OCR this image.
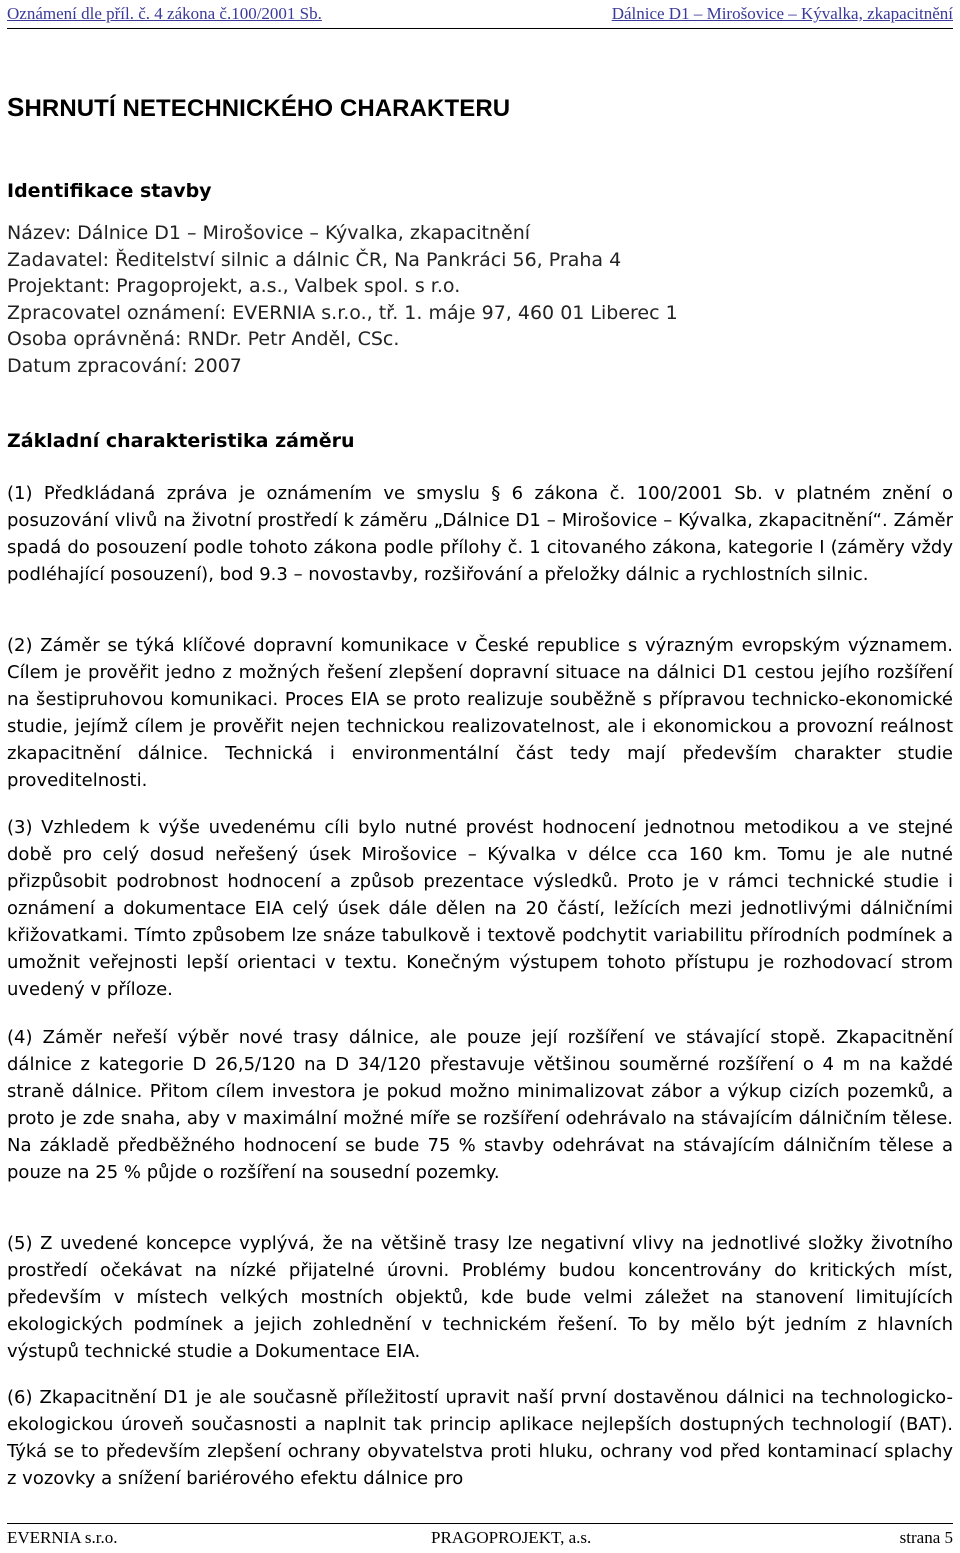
Oznámení dle příl. č. 4 zákona č.100/2001 Sb.	Dálnice D1 – Mirošovice – Kývalka, zkapacitnění
SHRNUTÍ NETECHNICKÉHO CHARAKTERU
Identifikace stavby
Název: Dálnice D1 – Mirošovice – Kývalka, zkapacitnění
Zadavatel: Ředitelství silnic a dálnic ČR, Na Pankráci 56, Praha 4
Projektant: Pragoprojekt, a.s., Valbek spol. s r.o.
Zpracovatel oznámení: EVERNIA s.r.o., tř. 1. máje 97, 460 01 Liberec 1
Osoba oprávněná: RNDr. Petr Anděl, CSc.
Datum zpracování: 2007
Základní charakteristika záměru
(1) Předkládaná zpráva je oznámením ve smyslu § 6 zákona č. 100/2001 Sb. v platném znění o posuzování vlivů na životní prostředí k záměru „Dálnice D1 – Mirošovice – Kývalka, zkapacitnění“. Záměr spadá do posouzení podle tohoto zákona podle přílohy č. 1 citovaného zákona, kategorie I (záměry vždy podléhající posouzení), bod 9.3 – novostavby, rozšiřování a přeložky dálnic a rychlostních silnic.
(2) Záměr se týká klíčové dopravní komunikace v České republice s výrazným evropským významem. Cílem je prověřit jedno z možných řešení zlepšení dopravní situace na dálnici D1 cestou jejího rozšíření na šestipruhovou komunikaci. Proces EIA se proto realizuje souběžně s přípravou technicko-ekonomické studie, jejímž cílem je prověřit nejen technickou realizovatelnost, ale i ekonomickou a provozní reálnost zkapacitnění dálnice. Technická i environmentální část tedy mají především charakter studie proveditelnosti.
(3) Vzhledem k výše uvedenému cíli bylo nutné provést hodnocení jednotnou metodikou a ve stejné době pro celý dosud neřešený úsek Mirošovice – Kývalka v délce cca 160 km. Tomu je ale nutné přizpůsobit podrobnost hodnocení a způsob prezentace výsledků. Proto je v rámci technické studie i oznámení a dokumentace EIA celý úsek dále dělen na 20 částí, ležících mezi jednotlivými dálničními křižovatkami. Tímto způsobem lze snáze tabulkově i textově podchytit variabilitu přírodních podmínek a umožnit veřejnosti lepší orientaci v textu. Konečným výstupem tohoto přístupu je rozhodovací strom uvedený v příloze.
(4) Záměr neřeší výběr nové trasy dálnice, ale pouze její rozšíření ve stávající stopě. Zkapacitnění dálnice z kategorie D 26,5/120 na D 34/120 přestavuje většinou souměrné rozšíření o 4 m na každé straně dálnice. Přitom cílem investora je pokud možno minimalizovat zábor a výkup cizích pozemků, a proto je zde snaha, aby v maximální možné míře se rozšíření odehrávalo na stávajícím dálničním tělese. Na základě předběžného hodnocení se bude 75 % stavby odehrávat na stávajícím dálničním tělese a pouze na 25 % půjde o rozšíření na sousední pozemky.
(5) Z uvedené koncepce vyplývá, že na většině trasy lze negativní vlivy na jednotlivé složky životního prostředí očekávat na nízké přijatelné úrovni. Problémy budou koncentrovány do kritických míst, především v místech velkých mostních objektů, kde bude velmi záležet na stanovení limitujících ekologických podmínek a jejich zohlednění v technickém řešení. To by mělo být jedním z hlavních výstupů technické studie a Dokumentace EIA.
(6) Zkapacitnění D1 je ale současně příležitostí upravit naší první dostavěnou dálnici na technologicko-ekologickou úroveň současnosti a naplnit tak princip aplikace nejlepších dostupných technologií (BAT). Týká se to především zlepšení ochrany obyvatelstva proti hluku, ochrany vod před kontaminací splachy z vozovky a snížení bariérového efektu dálnice pro
EVERNIA s.r.o.	PRAGOPROJEKT, a.s.	strana 5
